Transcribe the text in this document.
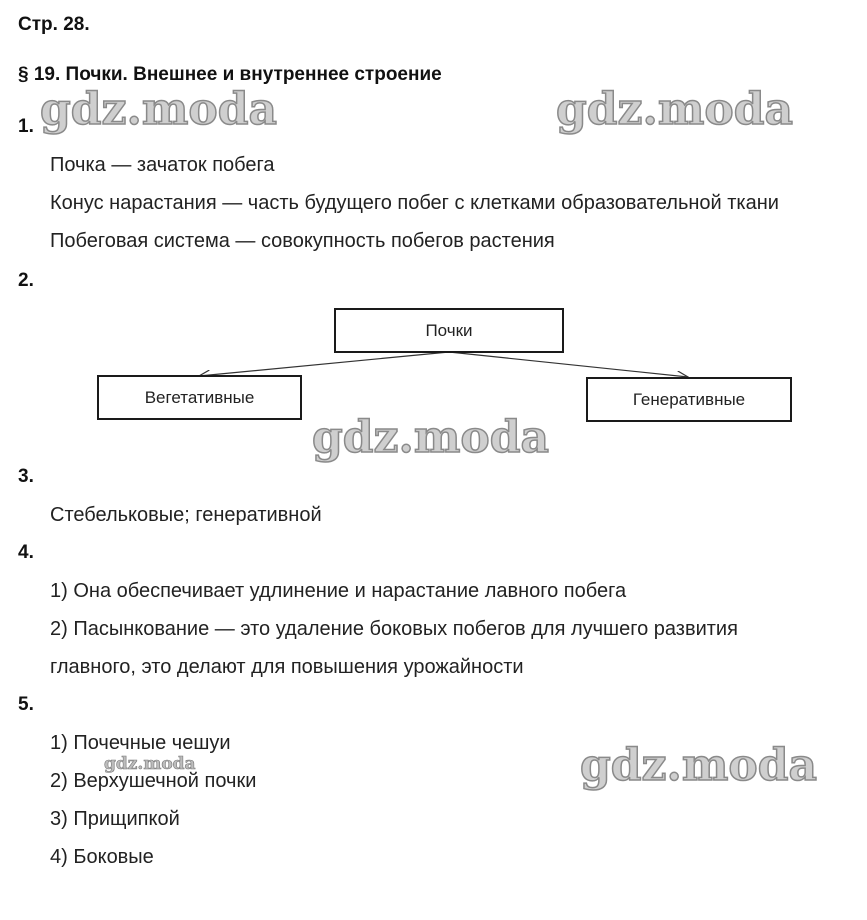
Стр. 28.
§ 19. Почки. Внешнее и внутреннее строение
1.
Почка — зачаток побега
Конус нарастания — часть будущего побег с клетками образовательной ткани
Побеговая система — совокупность побегов растения
2.
Почки
Вегетативные	Генеративные
3.
Стебельковые; генеративной
4.
1) Она обеспечивает удлинение и нарастание лавного побега
2) Пасынкование — это удаление боковых побегов для лучшего развития
главного, это делают для повышения урожайности
5.
1) Почечные чешуи
2) Верхушечной почки
3) Прищипкой
4) Боковые
gdz.moda	gdz.moda
gdz.moda
gdz.moda
gdz.moda
